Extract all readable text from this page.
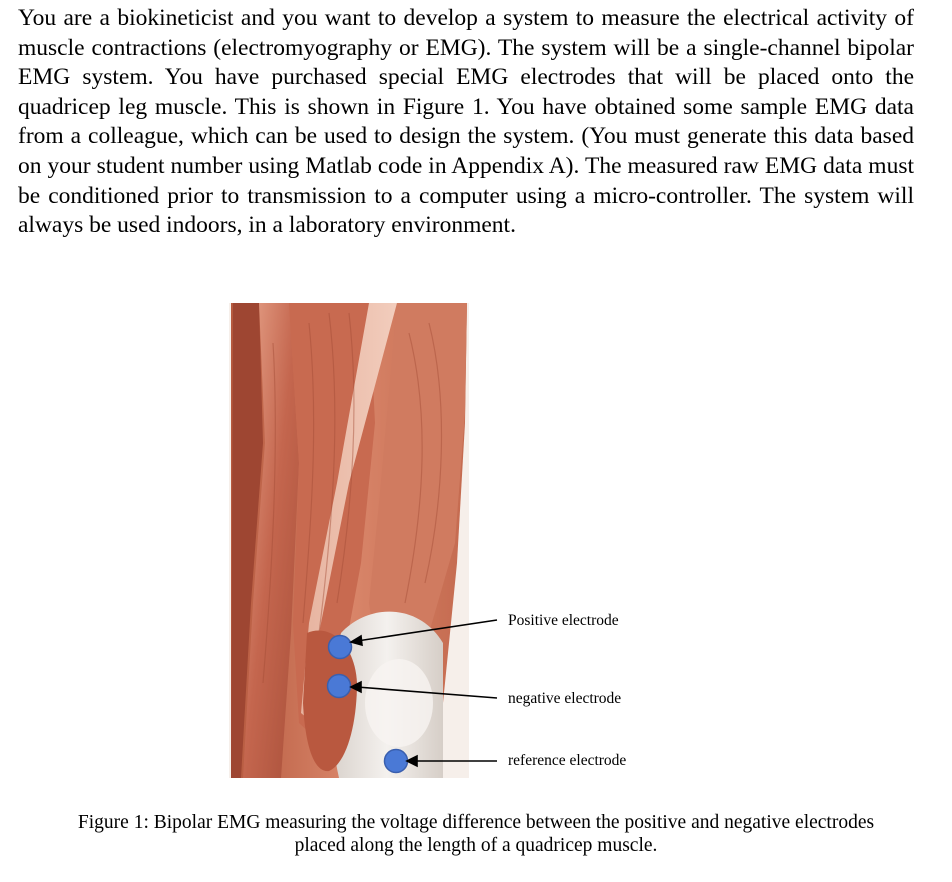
You are a biokineticist and you want to develop a system to measure the electrical activity of muscle contractions (electromyography or EMG). The system will be a single-channel bipolar EMG system. You have purchased special EMG electrodes that will be placed onto the quadricep leg muscle. This is shown in Figure 1. You have obtained some sample EMG data from a colleague, which can be used to design the system. (You must generate this data based on your student number using Matlab code in Appendix A). The measured raw EMG data must be conditioned prior to transmission to a computer using a micro-controller. The system will always be used indoors, in a laboratory environment.

Positive electrode
negative electrode
reference electrode
Figure 1: Bipolar EMG measuring the voltage difference between the positive and negative electrodes
placed along the length of a quadricep muscle.
